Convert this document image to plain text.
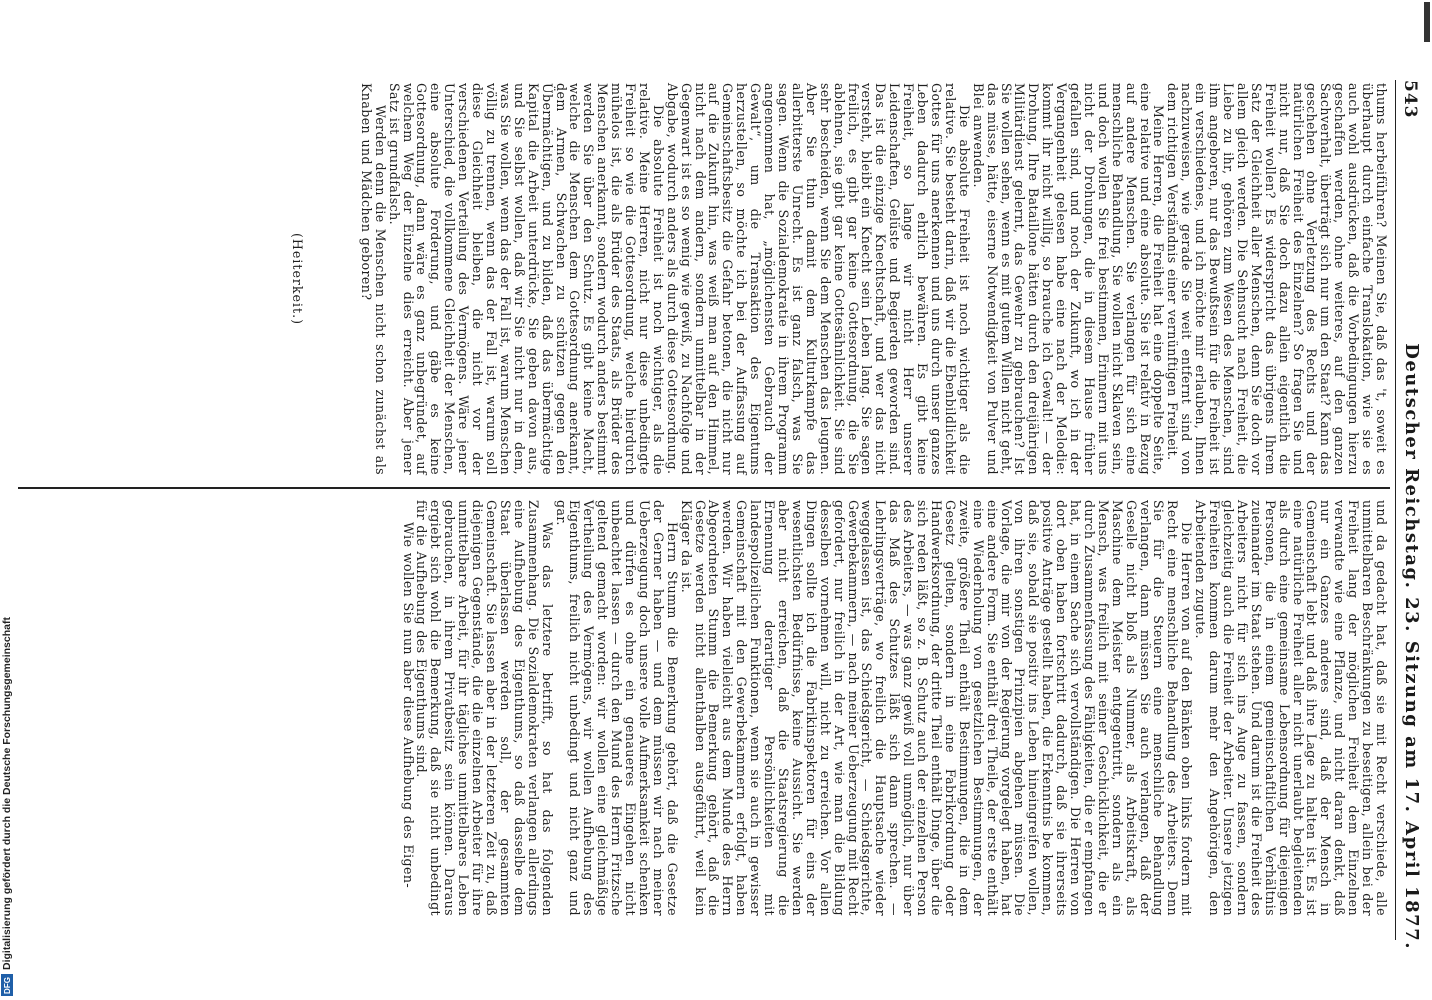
543
Deutscher Reichstag. 23. Sitzung am 17. April 1877.

thums herbeiführen? Meinen Sie, daß das 't, soweit es überhaupt durch einfache Translokation, wie sie es auch wohl ausdrücken, daß die Vorbedingungen hierzu geschaffen werden, ohne weiteres, auf den ganzen Sachverhalt, überträgt sich nur um den Staat? Kann das geschehen ohne Verletzung des Rechts und der natürlichen Freiheit des Einzelnen? So fragen Sie und nicht nur, daß Sie doch dazu allein eigentlich die Freiheit wollen? Es widerspricht das übrigens Ihrem Satz der Gleichheit aller Menschen, denn Sie doch vor allem gleich werden. Die Sehnsucht nach Freiheit, die Liebe zu ihr, gehören zum Wesen des Menschen, sind ihm angeboren, nur das Bewußtsein für die Freiheit ist ein verschiedenes, und ich möchte mir erlauben, Ihnen nachzuweisen, wie gerade Sie weit entfernt sind von dem richtigen Verständnis einer vernünftigen Freiheit.

Meine Herren, die Freiheit hat eine doppelte Seite, eine relative und eine absolute. Sie ist relativ in Bezug auf andere Menschen. Sie verlangen für sich eine menschliche Behandlung, Sie wollen nicht Sklaven sein, und doch wollen Sie frei bestimmen, Erinnern mit uns nicht der Drohungen, die in diesem Hause früher gefallen sind, und noch der Zukunft, wo ich in der Vergangenheit gelesen habe eine nach der Melodie: kommt ihr nicht willig, so brauche ich Gewalt! — der Drohung, Ihre Bataillone hätten durch den dreijährigen Militärdienst gelernt, das Gewehr zu gebrauchen? Ist Sie wollen sehen, wenn es mit gutem Willen nicht geht, das müsse, hätte, eiserne Notwendigkeit von Pulver und Blei anwenden.

Die absolute Freiheit ist noch wichtiger als die relative. Sie besteht darin, daß wir die Ebenbildlichkeit Gottes für uns anerkennen und uns durch unser ganzes Leben dadurch ehrlich bewähren. Es gibt keine Freiheit, so lange wir nicht Herr unserer Leidenschaften, Gelüste und Begierden geworden sind. Das ist die einzige Knechtschaft, und wer das nicht versteht, bleibt ein Knecht sein Leben lang. Sie sagen freilich, es gibt gar keine Gottesordnung, die Sie ablehnen, sie gibt gar keine Gottesähnlichkeit. Sie sind sehr bescheiden, wenn Sie dem Menschen das leugnen. Aber Sie thun damit dem Kulturkampfe das allerbitterste Unrecht. Es ist ganz falsch, was Sie sagen. Wenn die Sozialdemokratie in ihrem Programm angenommen hat, „möglichensten Gebrauch der Gewalt“, um die Transaktion des Eigentums herzustellen, so möchte ich bei der Auffassung auf Gemeinschaftsbesitz die Gefahr betonen, die nicht nur auf die Zukunft hin, was weiß man auf den Himmel, nicht nach dem andern, sondern unmittelbar in der Gegenwart ist es so wenig wie gewiß, zu Nachfolge und Abgabe, wodurch anders als durch diese Gottesordnung.

Die absolute Freiheit ist noch wichtiger, als die relative. Meine Herren, nicht nur diese unbedingte Freiheit so wie die Gottesordnung, welche hierdurch mühelos ist, die als Brüder des Staats, als Brüder des Menschen anerkannt, sondern wodurch anders bestimmt werden Sie über den Schutz. Es gibt keine Macht, welche die Menschen dem Gottesordnung anerkannt, dem Armen, Schwachen zu schützen gegen den Übermächtigen, und zu bilden, daß das übermächtige Kapital die Arbeit unterdrücke, Sie geben davon aus, und Sie selbst wollen, daß wir Sie nicht nur in dem, was Sie wollen, wenn das der Fall ist, warum Menschen völlig zu trennen, wenn das der Fall ist, warum soll diese Gleichheit bleiben, die nicht vor der verschiedenen Verteilung des Vermögens. Wäre jener Unterschied, die vollkommene Gleichheit der Menschen, eine absolute Forderung, und gäbe es keine Gottesordnung, dann wäre es ganz unbegründet, auf welchem Weg der Einzelne dies erreicht. Aber jener Satz ist grundfalsch.

Werden denn die Menschen nicht schon zunächst als Knaben und Mädchen geboren?

(Heiterkeit.)

und da gedacht hat, daß sie mit Recht verschiede, alle unmittelbaren Beschränkungen zu beseitigen, allein bei der Freiheit lang der möglichen Freiheit dem Einzelnen verwandte wie eine Pflanze, und nicht daran denkt, daß nur ein Ganzes anderes sind, daß der Mensch in Gemeinschaft lebt und daß ihre Lage zu halten ist. Es ist eine natürliche Freiheit aller nicht unerlaubt begleitenden als durch eine gemeinsame Lebensordnung für diejenigen Personen, die in einem gemeinschaftlichen Verhältnis zueinander im Staat stehen. Und darum ist die Freiheit des Arbeiters nicht für sich ins Auge zu fassen, sondern gleichzeitig auch die Freiheit der Arbeiter. Unsere jetzigen Freiheiten kommen darum mehr den Angehörigen, den Arbeitenden zugute.

Die Herren von auf den Bänken oben links fordern mit Recht eine menschliche Behandlung des Arbeiters. Denn Sie für die Steuern eine menschliche Behandlung verlangen, dann müssen Sie auch verlangen, daß der Geselle nicht bloß als Nummer, als Arbeitskraft, als Maschine dem Meister entgegentritt, sondern als ein Mensch, was freilich mit seiner Geschicklichkeit, die er durch Zusammenfassung des Fähigkeiten, die er empfangen hat, in einem Sache sich vervollständigen. Die Herren von dort oben haben fortschritt dadurch, daß sie ihrerseits positive Anträge gestellt haben, die Erkenntnis be kommen, daß sie, sobald sie positiv ins Leben hineingreifen wollen, von ihren sonstigen Prinzipien abgehen müssen. Die Vorlage, die mir von der Regierung vorgelegt haben, hat eine andere Form. Sie enthält drei Theile, der erste enthält eine Wiederholung von gesetzlichen Bestimmungen, der zweite, größere Theil enthält Bestimmungen, die in dem Gesetz gelten, sondern in eine Fabrikordnung oder Handwerksordnung, der dritte Theil enthält Dinge, über die sich reden läßt, so z. B. Schutz auch der einzelnen Person des Arbeiters, — was ganz gewiß voll unmöglich, nur über das Maß des Schutzes läßt sich dann sprechen. — Lehrlingsverträge, wo freilich die Hauptsache wieder weggelassen ist, das Schiedsgericht, — Schiedsgerichte, Gewerbekammern, — nach meiner Ueberzeugung mit Recht gefordert, nur freilich in der Art, wie man die Bildung desselben vornehmen will, nicht zu erreichen. Vor allen Dingen sollte ich die Fabrikinspektoren für eins der wesentlichsten Bedürfnisse, keine Aussicht. Sie werden aber nicht erreichen, daß die Staatsregierung die Ernennung derartiger Persönlichkeiten mit landespolizeilichen Funktionen, wenn sie auch in gewisser Gemeinschaft mit den Gewerbekammern erfolgt, haben werden. Wir haben vielleicht aus dem Munde des Herrn Abgeordneten Stumm die Bemerkung gehört, daß die Gesetze werden nicht allenthalben ausgeführt, weil kein Kläger da ist.

Herrn Stumm die Bemerkung gehört, daß die Gesetze der Gerner haben — und dem müssen wir nach meiner Ueberzeugung doch unsere volle Aufmerksamkeit schenken und dürfen es ohne ein genaueres Eingehen nicht unbeachtet lassen — durch den Mund des Herrn Fritzsche geltend gemacht worden: wir wollen eine gleichmäßige Vertheilung des Vermögens, wir wollen Aufhebung des Eigenthums, freilich nicht unbedingt und nicht ganz und gar.

Was das letztere betrifft, so hat das folgenden Zusammenhang. Die Sozialdemokraten verlangen allerdings eine Aufhebung des Eigenthums, so daß dasselbe dem Staat überlassen werden soll, der gesammten Gemeinschaft. Sie lassen aber in der letzteren Zeit zu, daß diejenigen Gegenstände, die die einzelnen Arbeiter für ihre unmittelbare Arbeit, für ihr tägliches unmittelbares Leben gebrauchen, in ihrem Privatbesitz sein können. Daraus ergiebt sich wohl die Bemerkung, daß sie nicht unbedingt für die Aufhebung des Eigenthums sind.

Wie wollen Sie nun aber diese Aufhebung des Eigen-

Digitalisierung gefördert durch die Deutsche Forschungsgemeinschaft
DFG
